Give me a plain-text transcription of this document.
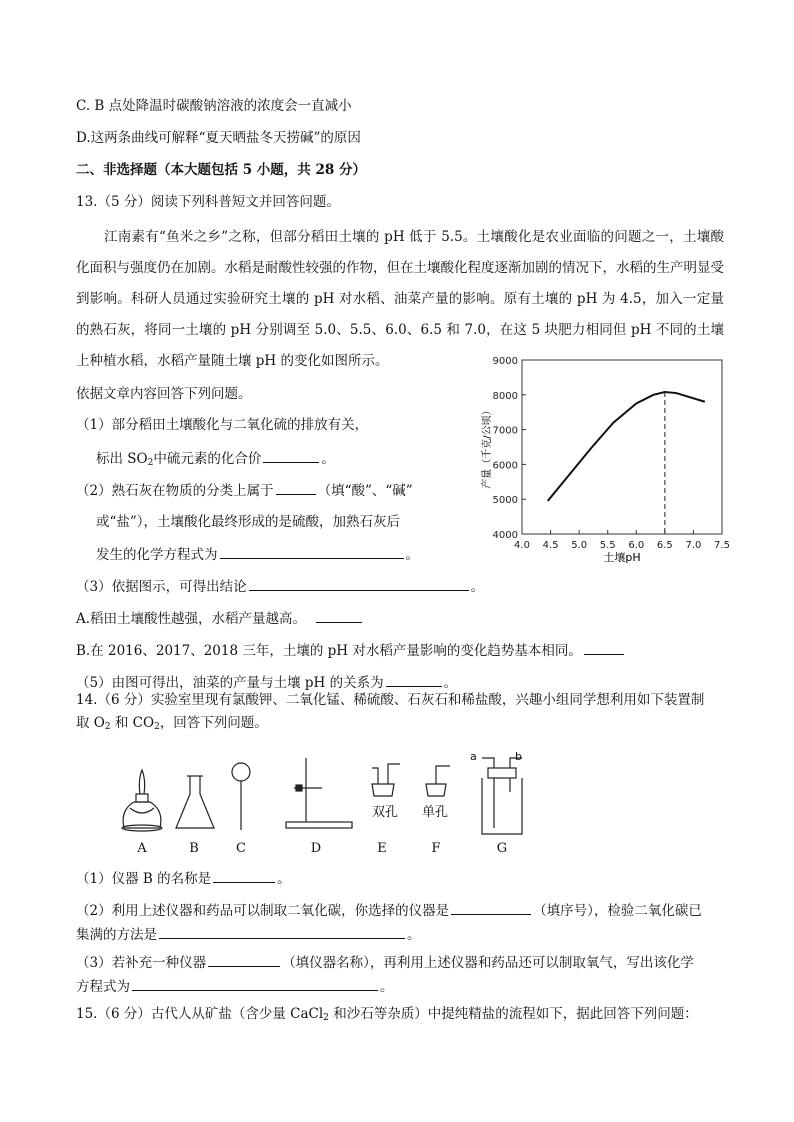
C. B 点处降温时碳酸钠溶液的浓度会一直减小
D.这两条曲线可解释“夏天晒盐冬天捞碱”的原因
二、非选择题（本大题包括 5 小题，共 28 分）
13.（5 分）阅读下列科普短文并回答问题。
江南素有“鱼米之乡”之称，但部分稻田土壤的 pH 低于 5.5。土壤酸化是农业面临的问题之一，土壤酸化面积与强度仍在加剧。水稻是耐酸性较强的作物，但在土壤酸化程度逐渐加剧的情况下，水稻的生产明显受到影响。科研人员通过实验研究土壤的 pH 对水稻、油菜产量的影响。原有土壤的 pH 为 4.5，加入一定量的熟石灰，将同一土壤的 pH 分别调至 5.0、5.5、6.0、6.5 和 7.0，在这 5 块肥力相同但 pH 不同的土壤上种植水稻，水稻产量随土壤 pH 的变化如图所示。
依据文章内容回答下列问题。
（1）部分稻田土壤酸化与二氧化硫的排放有关，
标出 $SO_2$中硫元素的化合价	。
（2）熟石灰在物质的分类上属于	（填“酸”、“碱”
或“盐”），土壤酸化最终形成的是硫酸，加熟石灰后
发生的化学方程式为	。
（3）依据图示，可得出结论	。
A.稻田土壤酸性越强，水稻产量越高。
B.在 2016、2017、2018 三年，土壤的 pH 对水稻产量影响的变化趋势基本相同。
（5）由图可得出，油菜的产量与土壤 pH 的关系为	。
4.0 4.5 5.0 5.5 6.0 6.5 7.0 7.5
4000
5000
6000
7000
8000
9000
土壤pH
产量（千克/公顷）
14.（6 分）实验室里现有氯酸钾、二氧化锰、稀硫酸、石灰石和稀盐酸，兴趣小组同学想利用如下装置制
取 $O_2$ 和 $CO_2$，回答下列问题。
双孔 单孔
a	b
A	B	C	D	E	F	G
（1）仪器 B 的名称是	。
（2）利用上述仪器和药品可以制取二氧化碳，你选择的仪器是	（填序号），检验二氧化碳已
集满的方法是	。
（3）若补充一种仪器	（填仪器名称），再利用上述仪器和药品还可以制取氧气，写出该化学
方程式为	。
15.（6 分）古代人从矿盐（含少量 CaCl$_2$ 和沙石等杂质）中提纯精盐的流程如下，据此回答下列问题：
